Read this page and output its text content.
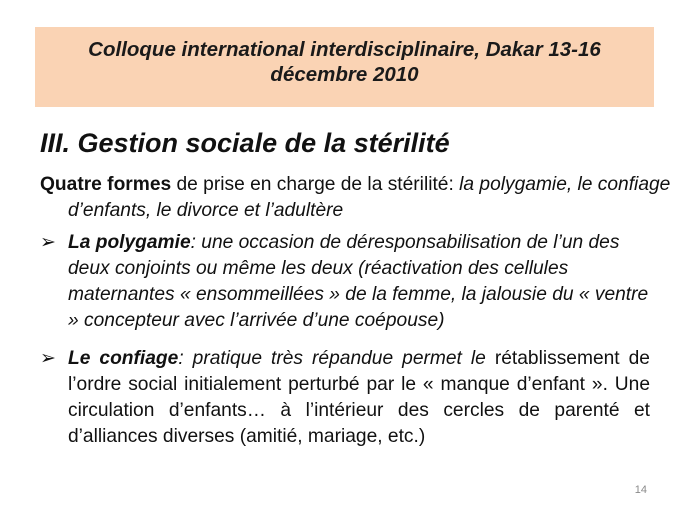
Colloque international interdisciplinaire, Dakar 13-16 décembre 2010
III. Gestion sociale de la stérilité
Quatre formes de prise en charge de la stérilité: la polygamie, le confiage d’enfants, le divorce et l’adultère
➢ La polygamie: une occasion de déresponsabilisation de l’un des deux conjoints ou même les deux (réactivation des cellules maternantes « ensommeillées » de la femme, la jalousie du « ventre » concepteur avec l’arrivée d’une coépouse)
➢ Le confiage: pratique très répandue permet le rétablissement de l’ordre social initialement perturbé par le « manque d’enfant ». Une circulation d’enfants… à l’intérieur des cercles de parenté et d’alliances diverses (amitié, mariage, etc.)
14
